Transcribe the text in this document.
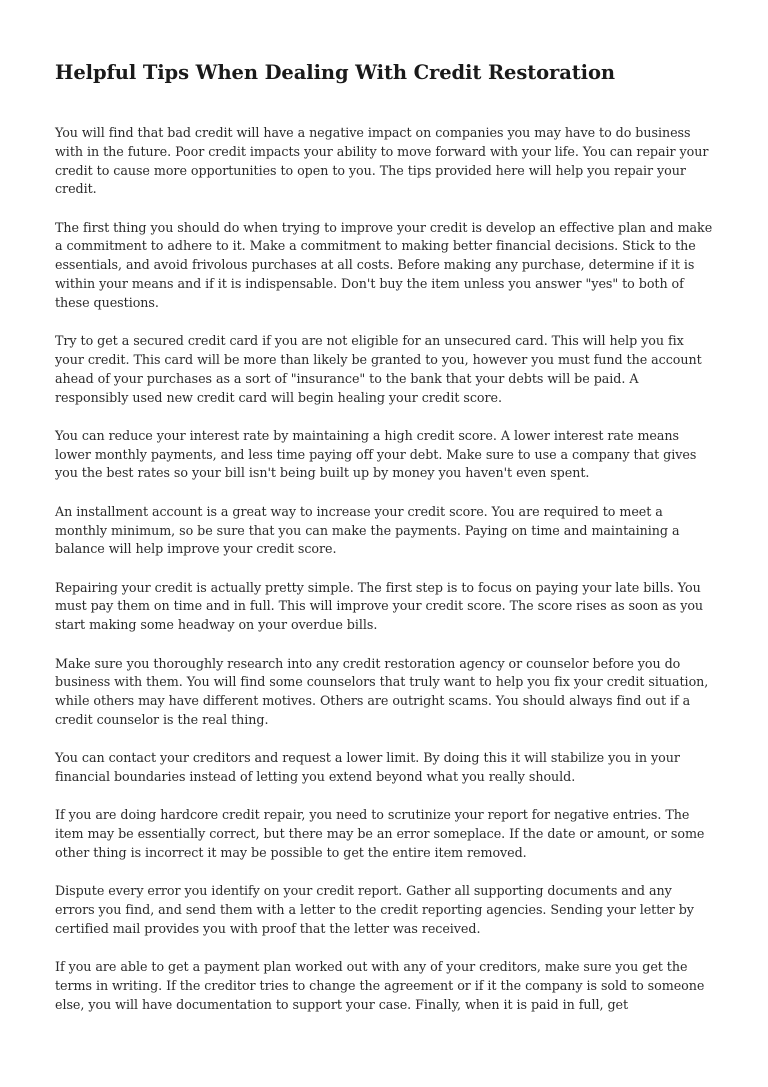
Helpful Tips When Dealing With Credit Restoration

You will find that bad credit will have a negative impact on companies you may have to do business with in the future. Poor credit impacts your ability to move forward with your life. You can repair your credit to cause more opportunities to open to you. The tips provided here will help you repair your credit.

The first thing you should do when trying to improve your credit is develop an effective plan and make a commitment to adhere to it. Make a commitment to making better financial decisions. Stick to the essentials, and avoid frivolous purchases at all costs. Before making any purchase, determine if it is within your means and if it is indispensable. Don't buy the item unless you answer "yes" to both of these questions.

Try to get a secured credit card if you are not eligible for an unsecured card. This will help you fix your credit. This card will be more than likely be granted to you, however you must fund the account ahead of your purchases as a sort of "insurance" to the bank that your debts will be paid. A responsibly used new credit card will begin healing your credit score.

You can reduce your interest rate by maintaining a high credit score. A lower interest rate means lower monthly payments, and less time paying off your debt. Make sure to use a company that gives you the best rates so your bill isn't being built up by money you haven't even spent.

An installment account is a great way to increase your credit score. You are required to meet a monthly minimum, so be sure that you can make the payments. Paying on time and maintaining a balance will help improve your credit score.

Repairing your credit is actually pretty simple. The first step is to focus on paying your late bills. You must pay them on time and in full. This will improve your credit score. The score rises as soon as you start making some headway on your overdue bills.

Make sure you thoroughly research into any credit restoration agency or counselor before you do business with them. You will find some counselors that truly want to help you fix your credit situation, while others may have different motives. Others are outright scams. You should always find out if a credit counselor is the real thing.

You can contact your creditors and request a lower limit. By doing this it will stabilize you in your financial boundaries instead of letting you extend beyond what you really should.

If you are doing hardcore credit repair, you need to scrutinize your report for negative entries. The item may be essentially correct, but there may be an error someplace. If the date or amount, or some other thing is incorrect it may be possible to get the entire item removed.

Dispute every error you identify on your credit report. Gather all supporting documents and any errors you find, and send them with a letter to the credit reporting agencies. Sending your letter by certified mail provides you with proof that the letter was received.

If you are able to get a payment plan worked out with any of your creditors, make sure you get the terms in writing. If the creditor tries to change the agreement or if it the company is sold to someone else, you will have documentation to support your case. Finally, when it is paid in full, get
